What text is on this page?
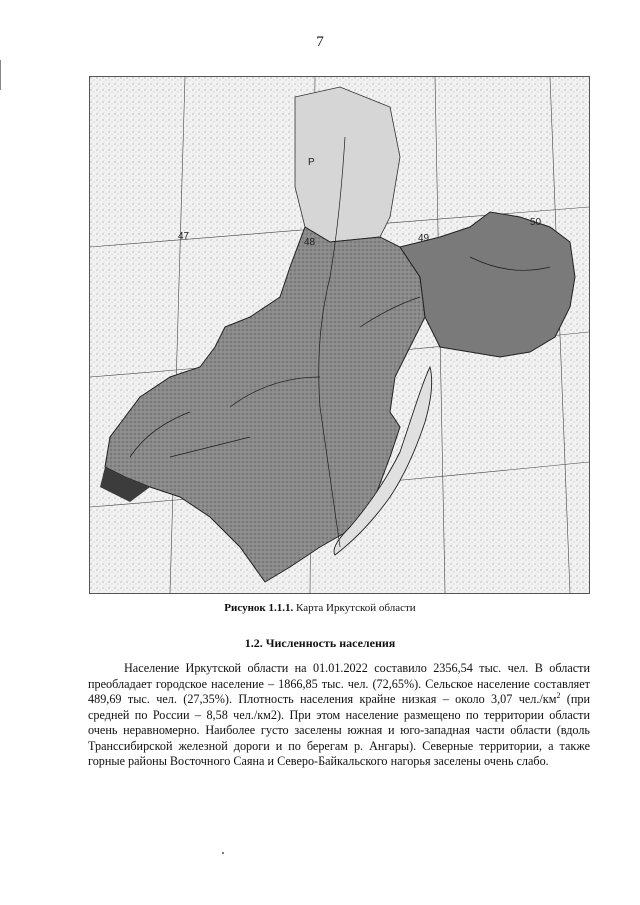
7
47
48	49
50
Р
Рисунок 1.1.1. Карта Иркутской области
1.2. Численность населения

Население Иркутской области на 01.01.2022 составило 2356,54 тыс. чел. В области преобладает городское население – 1866,85 тыс. чел. (72,65%). Сельское население составляет 489,69 тыс. чел. (27,35%). Плотность населения крайне низкая – около 3,07 $чел./км^2$ (при средней по России – 8,58 чел./км2). При этом население размещено по территории области очень неравномерно. Наиболее густо заселены южная и юго-западная части области (вдоль Транссибирской железной дороги и по берегам р. Ангары). Северные территории, а также горные районы Восточного Саяна и Северо-Байкальского нагорья заселены очень слабо.
